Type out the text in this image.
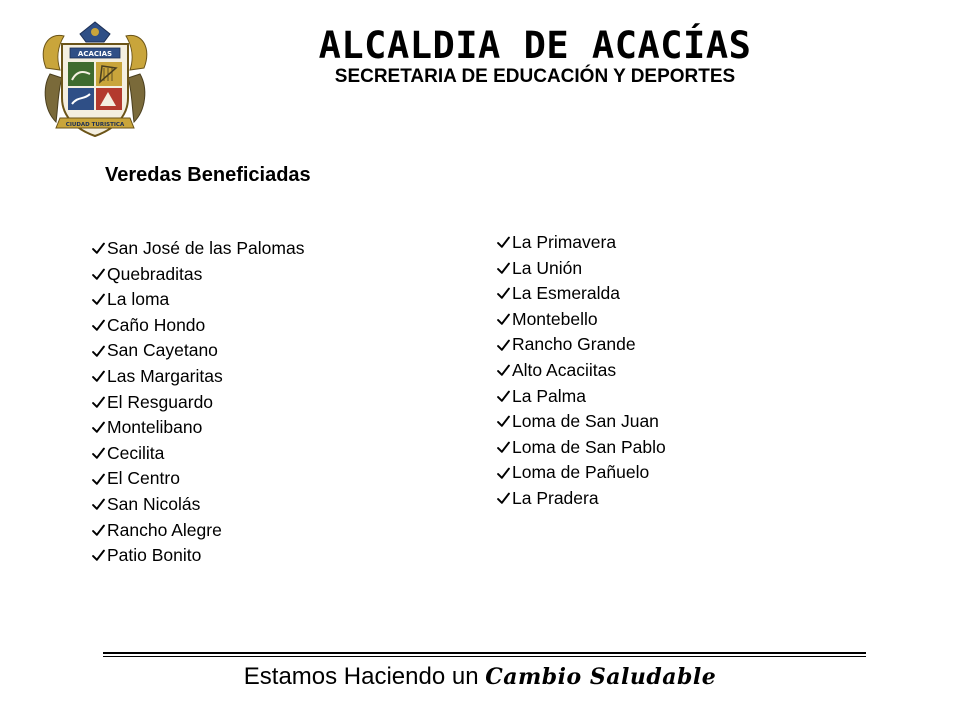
ACACIAS
CIUDAD TURISTICA
ALCALDIA DE ACACÍAS
SECRETARIA DE EDUCACIÓN Y DEPORTES
Veredas Beneficiadas
San José de las Palomas
Quebraditas
La loma
Caño Hondo
San Cayetano
Las Margaritas
El Resguardo
Montelibano
Cecilita
El Centro
San Nicolás
Rancho Alegre
Patio Bonito
La Primavera
La Unión
La Esmeralda
Montebello
Rancho Grande
Alto Acaciitas
La Palma
Loma de San Juan
Loma de San Pablo
Loma de Pañuelo
La Pradera
Estamos Haciendo un Cambio Saludable
